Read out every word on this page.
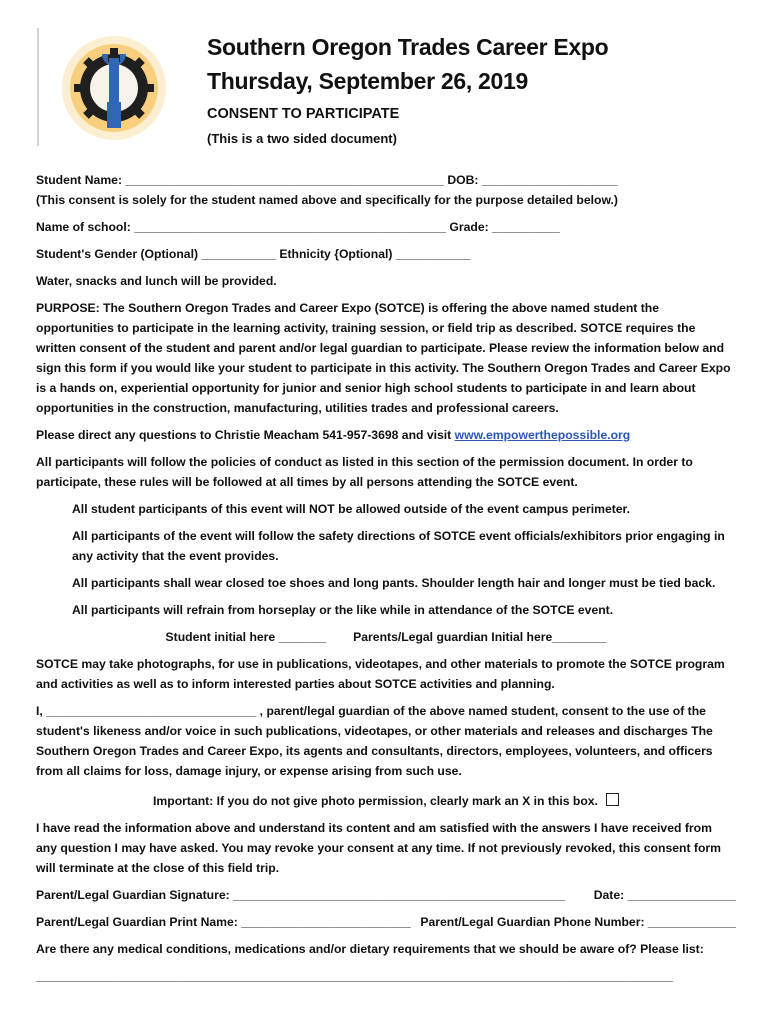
Southern Oregon Trades Career Expo
Thursday, September 26, 2019
CONSENT TO PARTICIPATE
(This is a two sided document)

Student Name: _______________________________________________ DOB: ____________________

(This consent is solely for the student named above and specifically for the purpose detailed below.)

Name of school: ______________________________________________ Grade: __________

Student's Gender (Optional) ___________ Ethnicity {Optional) ___________

Water, snacks and lunch will be provided.

PURPOSE: The Southern Oregon Trades and Career Expo (SOTCE) is offering the above named student the opportunities to participate in the learning activity, training session, or field trip as described. SOTCE requires the written consent of the student and parent and/or legal guardian to participate. Please review the information below and sign this form if you would like your student to participate in this activity. The Southern Oregon Trades and Career Expo is a hands on, experiential opportunity for junior and senior high school students to participate in and learn about opportunities in the construction, manufacturing, utilities trades and professional careers.

Please direct any questions to Christie Meacham 541-957-3698 and visit www.empowerthepossible.org

All participants will follow the policies of conduct as listed in this section of the permission document. In order to participate, these rules will be followed at all times by all persons attending the SOTCE event.

All student participants of this event will NOT be allowed outside of the event campus perimeter.

All participants of the event will follow the safety directions of SOTCE event officials/exhibitors prior engaging in any activity that the event provides.

All participants shall wear closed toe shoes and long pants. Shoulder length hair and longer must be tied back.

All participants will refrain from horseplay or the like while in attendance of the SOTCE event.

Student initial here _______ Parents/Legal guardian Initial here________

SOTCE may take photographs, for use in publications, videotapes, and other materials to promote the SOTCE program and activities as well as to inform interested parties about SOTCE activities and planning.

I, _______________________________ , parent/legal guardian of the above named student, consent to the use of the student's likeness and/or voice in such publications, videotapes, or other materials and releases and discharges The Southern Oregon Trades and Career Expo, its agents and consultants, directors, employees, volunteers, and officers from all claims for loss, damage injury, or expense arising from such use.

Important: If you do not give photo permission, clearly mark an X in this box.

I have read the information above and understand its content and am satisfied with the answers I have received from any question I may have asked. You may revoke your consent at any time. If not previously revoked, this consent form will terminate at the close of this field trip.

Parent/Legal Guardian Signature: _________________________________________________ Date: ________________

Parent/Legal Guardian Print Name: _________________________ Parent/Legal Guardian Phone Number: _____________

Are there any medical conditions, medications and/or dietary requirements that we should be aware of? Please list:

______________________________________________________________________________________________
